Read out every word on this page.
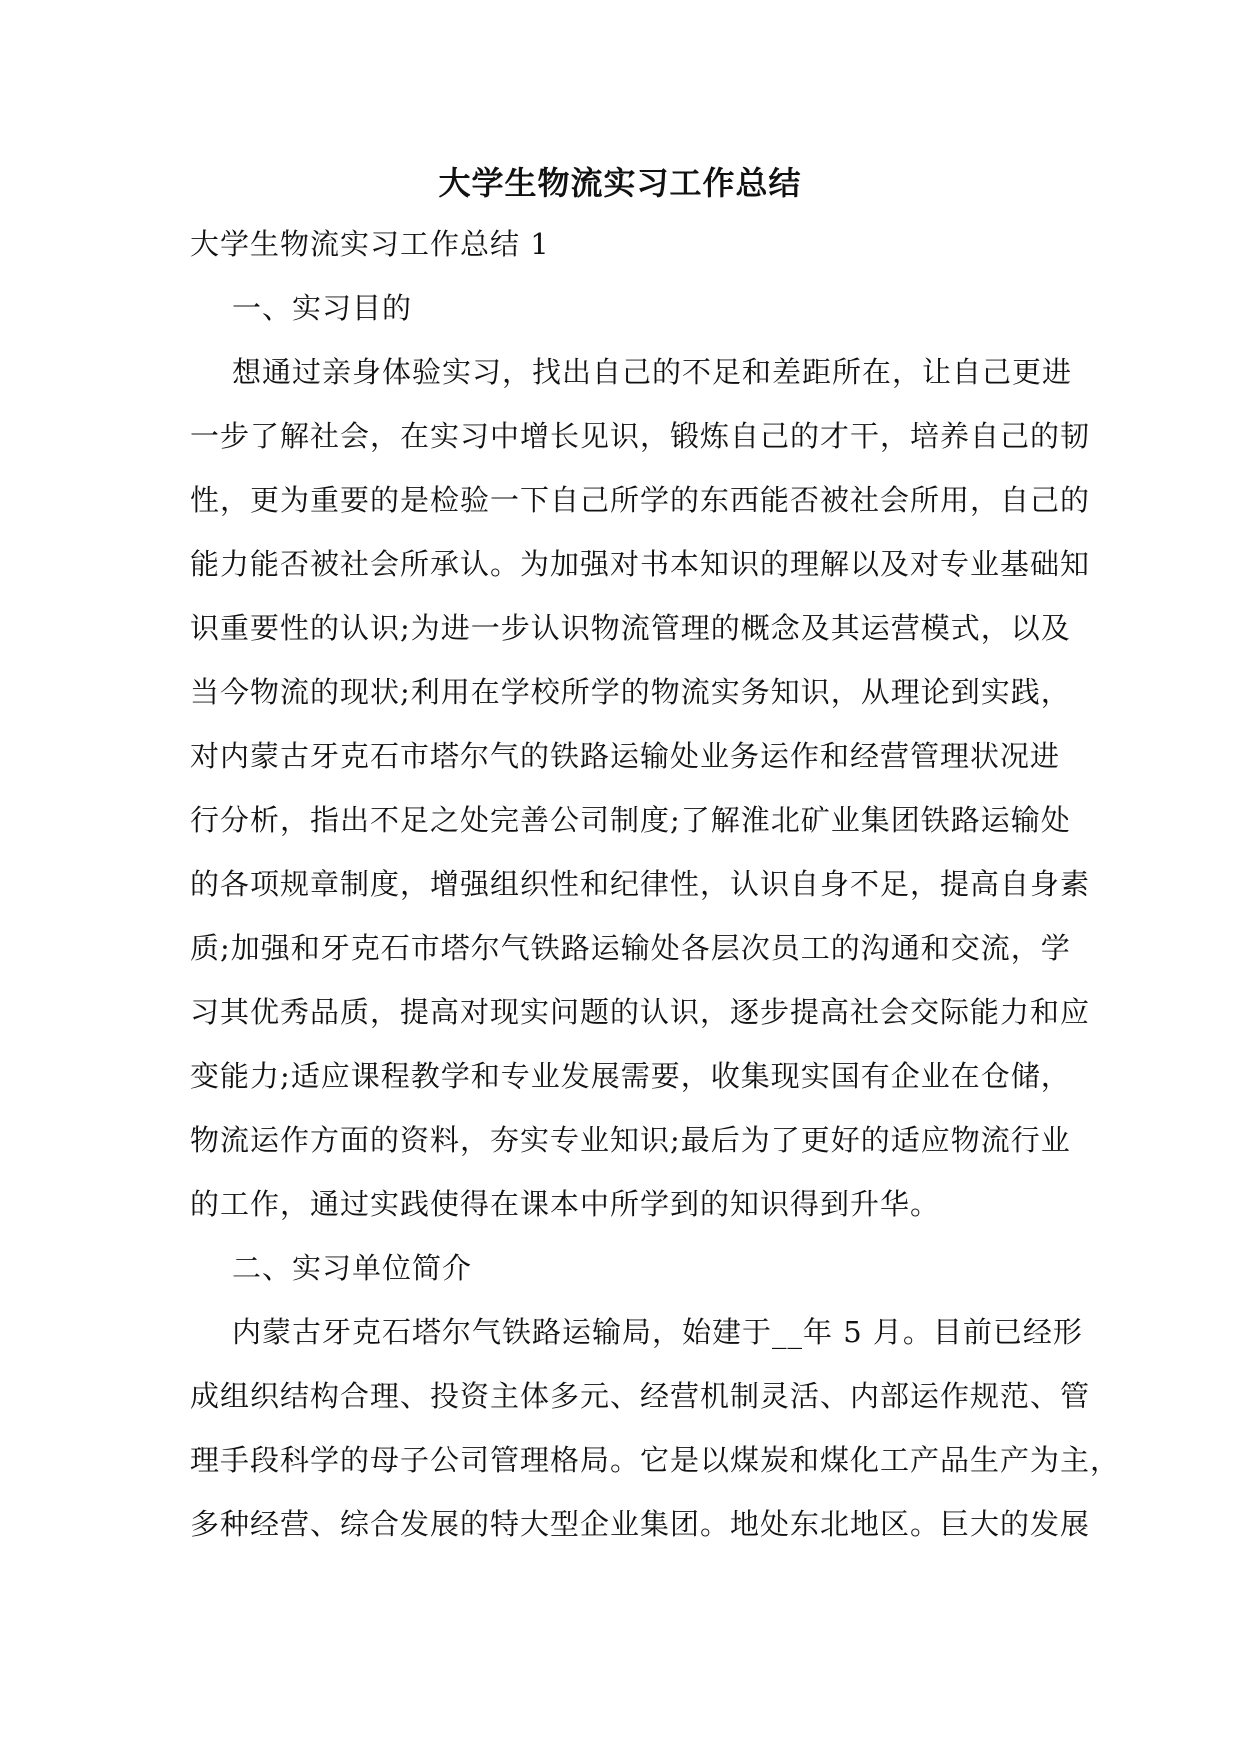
大学生物流实习工作总结
大学生物流实习工作总结 1
一、实习目的
想通过亲身体验实习，找出自己的不足和差距所在，让自己更进
一步了解社会，在实习中增长见识，锻炼自己的才干，培养自己的韧
性，更为重要的是检验一下自己所学的东西能否被社会所用，自己的
能力能否被社会所承认。为加强对书本知识的理解以及对专业基础知
识重要性的认识;为进一步认识物流管理的概念及其运营模式，以及
当今物流的现状;利用在学校所学的物流实务知识，从理论到实践，
对内蒙古牙克石市塔尔气的铁路运输处业务运作和经营管理状况进
行分析，指出不足之处完善公司制度;了解淮北矿业集团铁路运输处
的各项规章制度，增强组织性和纪律性，认识自身不足，提高自身素
质;加强和牙克石市塔尔气铁路运输处各层次员工的沟通和交流，学
习其优秀品质，提高对现实问题的认识，逐步提高社会交际能力和应
变能力;适应课程教学和专业发展需要，收集现实国有企业在仓储，
物流运作方面的资料，夯实专业知识;最后为了更好的适应物流行业
的工作，通过实践使得在课本中所学到的知识得到升华。
二、实习单位简介
内蒙古牙克石塔尔气铁路运输局，始建于__年 5 月。目前已经形
成组织结构合理、投资主体多元、经营机制灵活、内部运作规范、管
理手段科学的母子公司管理格局。它是以煤炭和煤化工产品生产为主，
多种经营、综合发展的特大型企业集团。地处东北地区。巨大的发展
